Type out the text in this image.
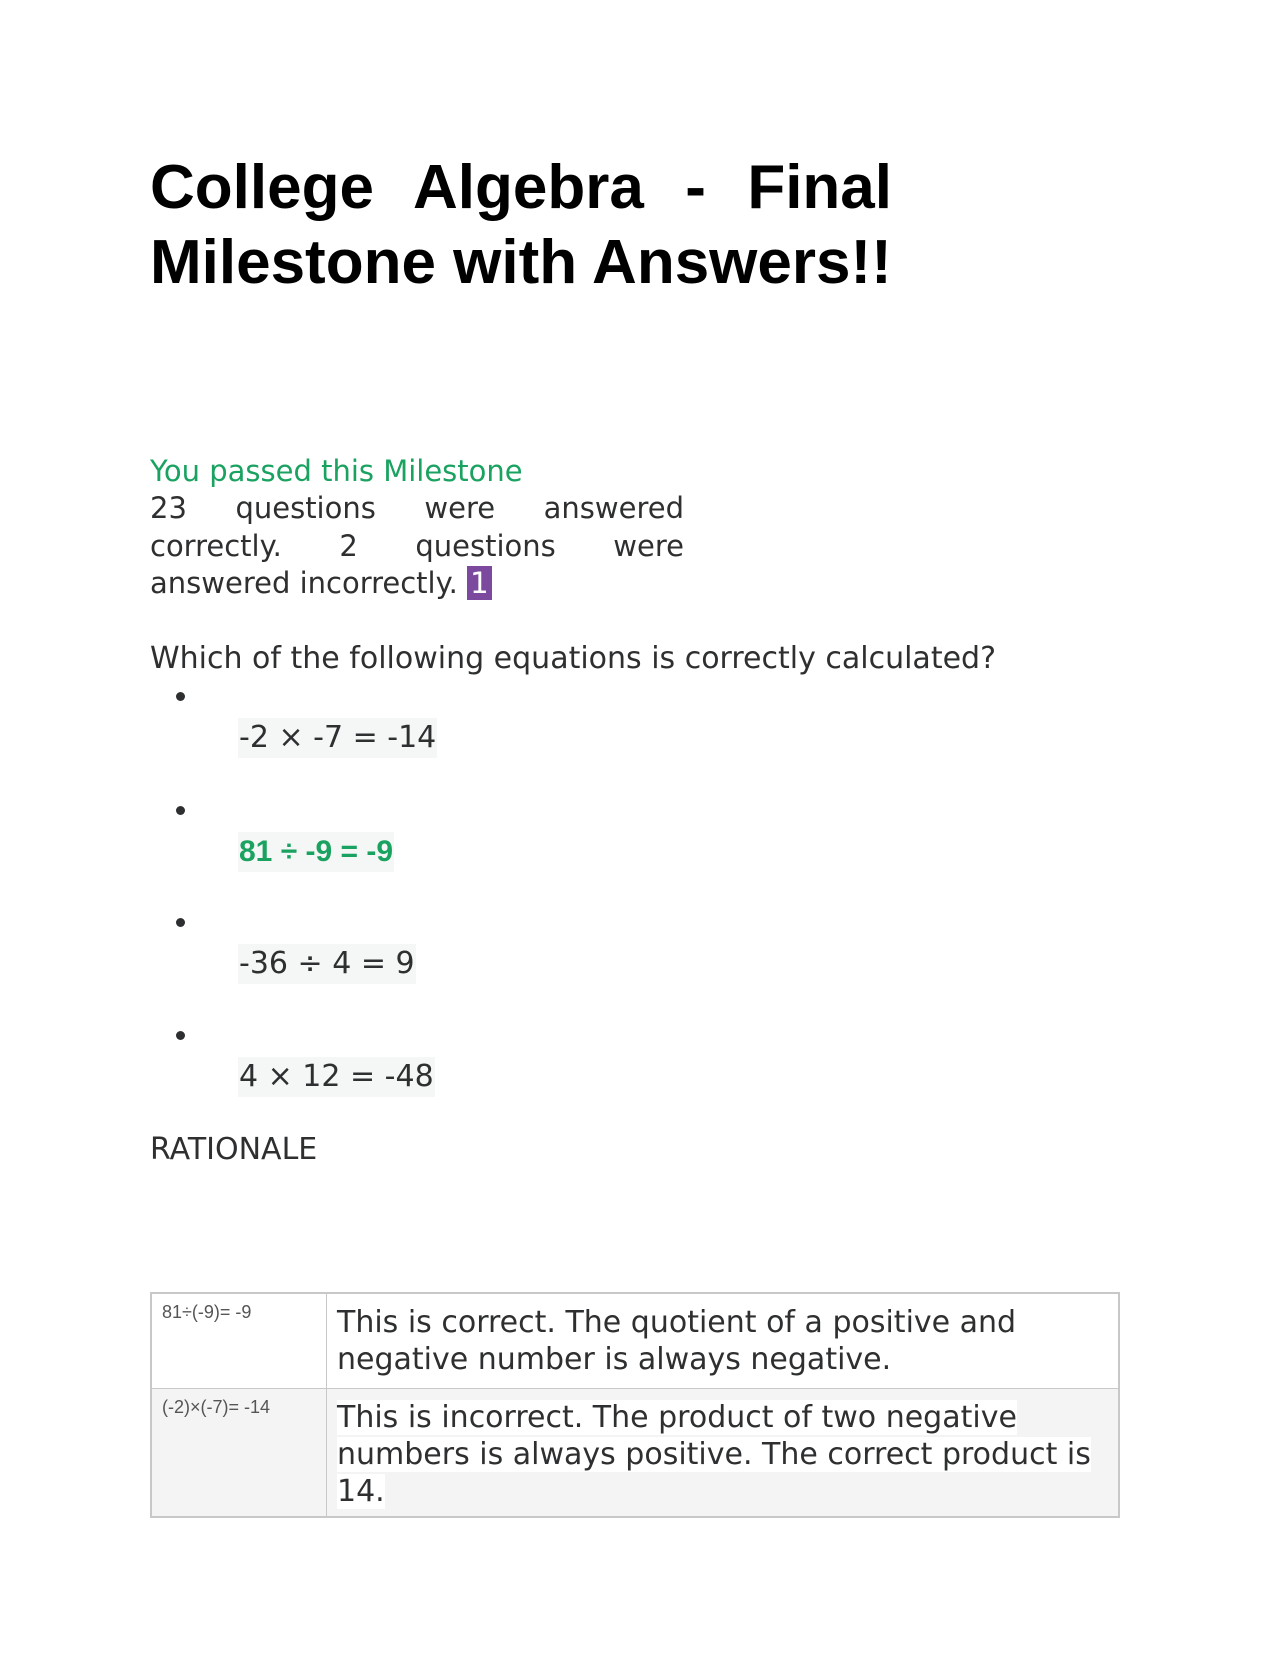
College Algebra - Final Milestone with Answers!!
You passed this Milestone
23 questions were answered correctly. 2 questions were answered incorrectly. 1
Which of the following equations is correctly calculated?
-2 × -7 = -14
81 ÷ -9 = -9
-36 ÷ 4 = 9
4 × 12 = -48
RATIONALE
81÷(-9)= -9	This is correct. The quotient of a positive and negative number is always negative.
(-2)×(-7)= -14	This is incorrect. The product of two negative numbers is always positive. The correct product is 14.
